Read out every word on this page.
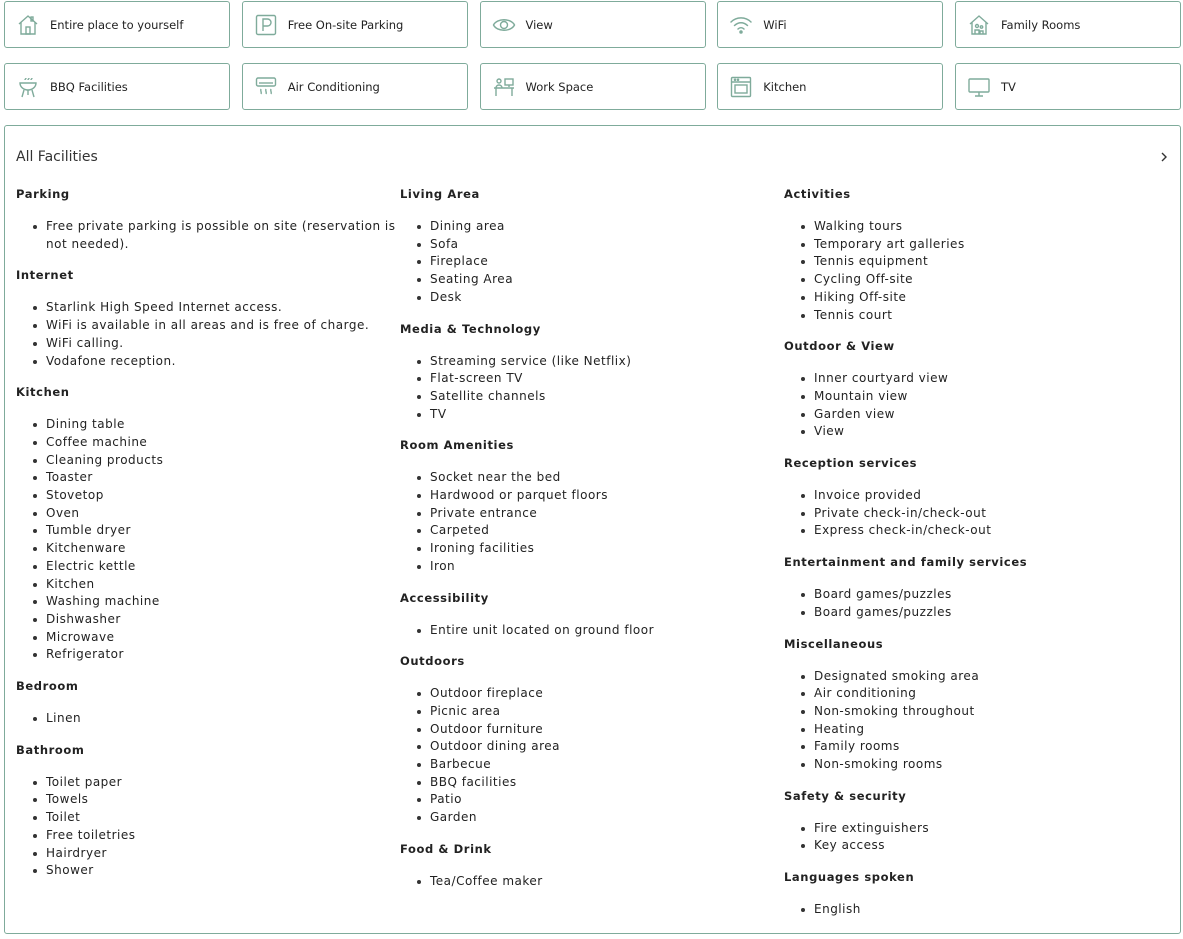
Entire place to yourself	Free On-site Parking	View	WiFi	Family Rooms
BBQ Facilities	Air Conditioning	Work Space	Kitchen	TV
All Facilities
Parking
Free private parking is possible on site (reservation is not needed).
Internet
Starlink High Speed Internet access.
WiFi is available in all areas and is free of charge.
WiFi calling.
Vodafone reception.
Kitchen
Dining table
Coffee machine
Cleaning products
Toaster
Stovetop
Oven
Tumble dryer
Kitchenware
Electric kettle
Kitchen
Washing machine
Dishwasher
Microwave
Refrigerator
Bedroom
Linen
Bathroom
Toilet paper
Towels
Toilet
Free toiletries
Hairdryer
Shower
Living Area
Dining area
Sofa
Fireplace
Seating Area
Desk
Media & Technology
Streaming service (like Netflix)
Flat-screen TV
Satellite channels
TV
Room Amenities
Socket near the bed
Hardwood or parquet floors
Private entrance
Carpeted
Ironing facilities
Iron
Accessibility
Entire unit located on ground floor
Outdoors
Outdoor fireplace
Picnic area
Outdoor furniture
Outdoor dining area
Barbecue
BBQ facilities
Patio
Garden
Food & Drink
Tea/Coffee maker
Activities
Walking tours
Temporary art galleries
Tennis equipment
Cycling Off-site
Hiking Off-site
Tennis court
Outdoor & View
Inner courtyard view
Mountain view
Garden view
View
Reception services
Invoice provided
Private check-in/check-out
Express check-in/check-out
Entertainment and family services
Board games/puzzles
Board games/puzzles
Miscellaneous
Designated smoking area
Air conditioning
Non-smoking throughout
Heating
Family rooms
Non-smoking rooms
Safety & security
Fire extinguishers
Key access
Languages spoken
English
